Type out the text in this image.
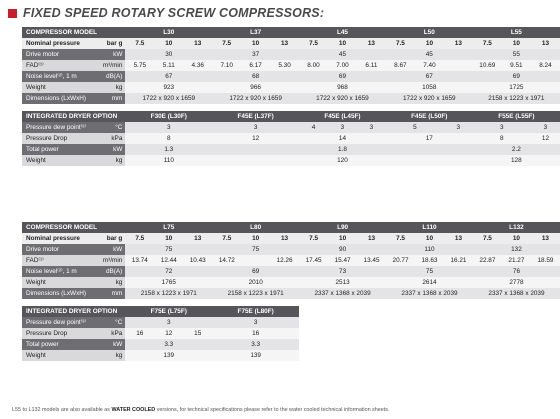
FIXED SPEED ROTARY SCREW COMPRESSORS:
COMPRESSOR MODEL		L30			L37			L45			L50			L55		
Nominal pressure	bar g	7.5	10	13	7.5	10	13	7.5	10	13	7.5	10	13	7.5	10	13
Drive motor	kW	30			37			45			45			55		
FAD⁽¹⁾	m³/min	5.75	5.11	4.36	7.10	6.17	5.30	8.00	7.00	6.11	8.67	7.40		10.69	9.51	8.24
Noise level⁽²⁾, 1 m	dB(A)	67			68			69			67			69		
Weight	kg	923			966			968			1058			1725		
Dimensions (LxWxH)	mm	1722 x 920 x 1659			1722 x 920 x 1659			1722 x 920 x 1659			1722 x 920 x 1659			2158 x 1223 x 1971		

INTEGRATED DRYER OPTION		F30E (L30F)			F45E (L37F)			F45E (L45F)			F45E (L50F)			F55E (L55F)		
Pressure dew point⁽³⁾	°C	3			3			4	3	3	5		3	3		3
Pressure Drop	kPa	8			12			14			17			8		12
Total power	kW	1.3			1.8									2.2		
Weight	kg	110			120									128		
COMPRESSOR MODEL		L75			L80			L90			L110			L132		
Nominal pressure	bar g	7.5	10	13	7.5	10	13	7.5	10	13	7.5	10	13	7.5	10	13
Drive motor	kW	75			75			90			110			132		
FAD⁽¹⁾	m³/min	13.74	12.44	10.43	14.72		12.26	17.45	15.47	13.45	20.77	18.63	16.21	22.87	21.27	18.59
Noise level⁽²⁾, 1 m	dB(A)	72			69			73			75			76		
Weight	kg	1765			2010			2513			2614			2778		
Dimensions (LxWxH)	mm	2158 x 1223 x 1971			2158 x 1223 x 1971			2337 x 1368 x 2039			2337 x 1368 x 2039			2337 x 1368 x 2039		

INTEGRATED DRYER OPTION		F75E (L75F)			F75E (L80F)											
Pressure dew point⁽³⁾	°C	3			3											
Pressure Drop	kPa	16	12	15	16											
Total power	kW	3.3			3.3											
Weight	kg	139			139											
L55 to L132 models are also available as WATER COOLED versions, for technical specifications please refer to the water cooled technical information sheets.
